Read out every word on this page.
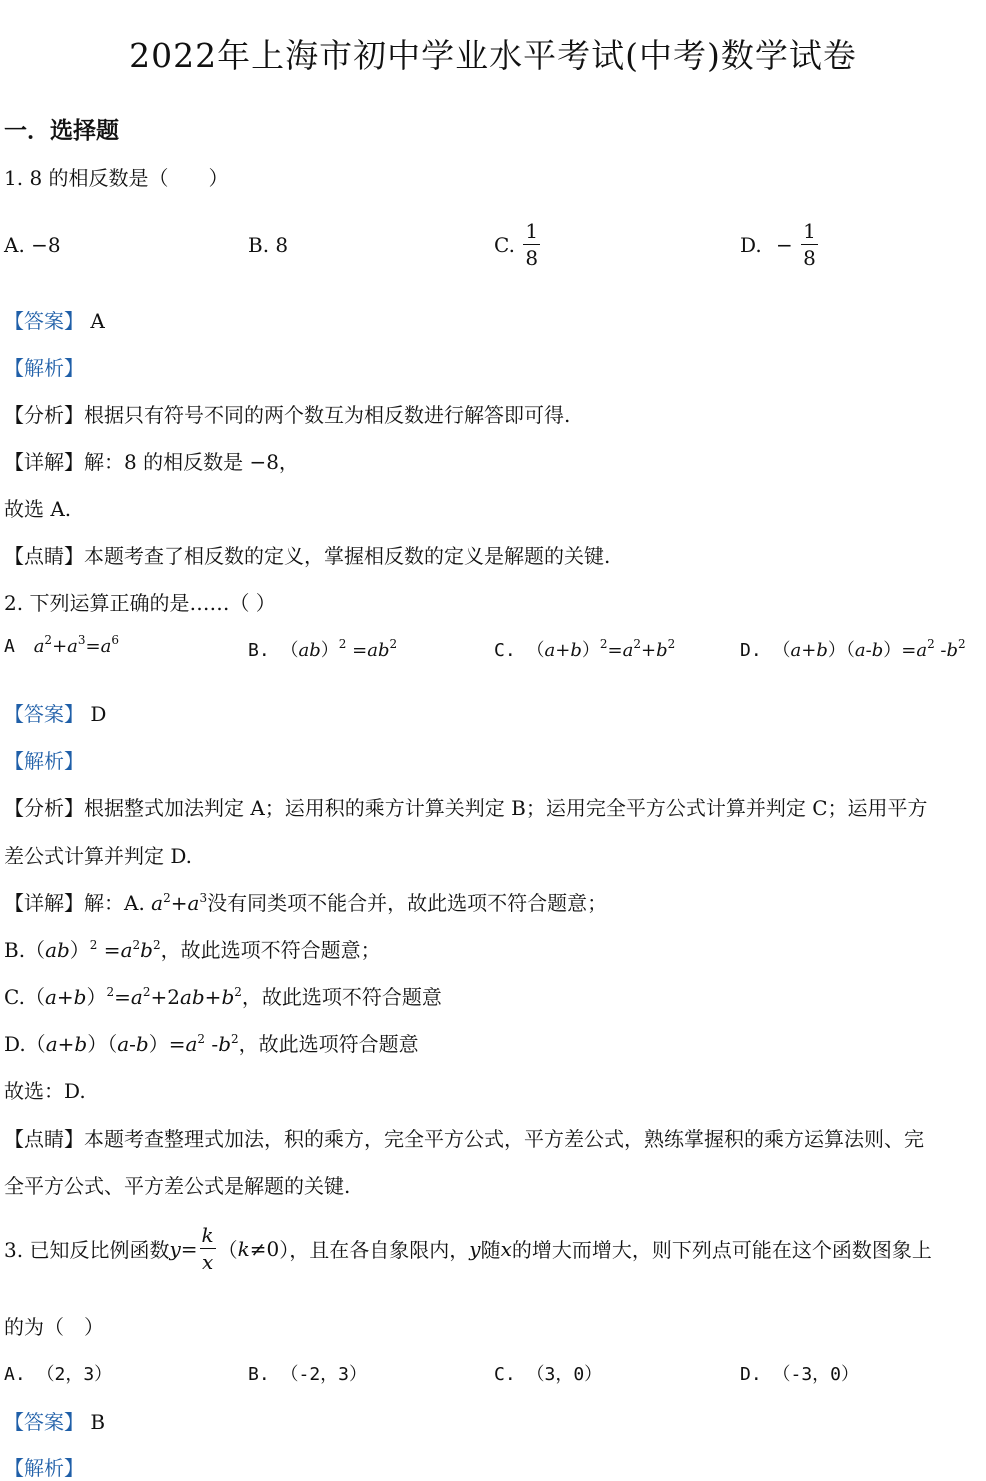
2022年上海市初中学业水平考试(中考)数学试卷
一．选择题
1. 8 的相反数是（　　）
A. −8	B. 8	C. $\frac{1}{8}$	D. − $\frac{1}{8}$
【答案】 A
【解析】
【分析】根据只有符号不同的两个数互为相反数进行解答即可得.
【详解】解：8 的相反数是 −8，
故选 A.
【点睛】本题考查了相反数的定义，掌握相反数的定义是解题的关键.
2. 下列运算正确的是……（ ）
A $a^2+a^3=a^6$	B. $(ab)^2 =ab^2$	C. $(a+b)^2=a^2+b^2$	D. $(a+b)(a-b)=a^2$ $-b^2$
【答案】 D
【解析】
【分析】根据整式加法判定 A；运用积的乘方计算关判定 B；运用完全平方公式计算并判定 C；运用平方
差公式计算并判定 D.
【详解】解：A. $a^2+a^3$没有同类项不能合并，故此选项不符合题意；
$B.(ab)^2 =a^2b^2$，故此选项不符合题意；
$C.(a+b)^2=a^2+2ab+b^2$，故此选项不符合题意
$D.(a+b)(a-b)=a^2$ $-b^2$，故此选项符合题意
故选：D.
【点睛】本题考查整理式加法，积的乘方，完全平方公式，平方差公式，熟练掌握积的乘方运算法则、完
全平方公式、平方差公式是解题的关键.
3. 已知反比例函数$y= \frac{k}{x} (k\ne 0)$，且在各自象限内，y随x的增大而增大，则下列点可能在这个函数图象上
的为（　）
A. （2，3）	B. （-2，3）	C. （3，0）	D. （-3，0）
【答案】 B
【解析】
